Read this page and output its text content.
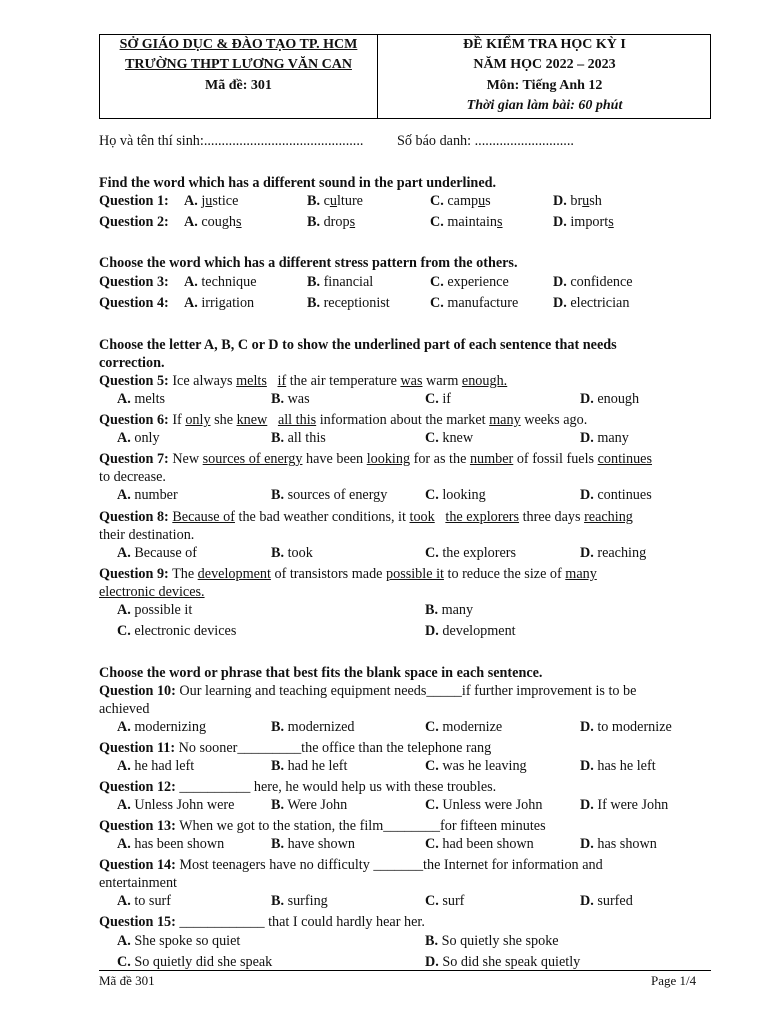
SỞ GIÁO DỤC & ĐÀO TẠO TP. HCM
TRƯỜNG THPT LƯƠNG VĂN CAN
Mã đề: 301
ĐỀ KIỂM TRA HỌC KỲ I
NĂM HỌC 2022 – 2023
Môn: Tiếng Anh 12
Thời gian làm bài: 60 phút
Họ và tên thí sinh:............................................. Số báo danh: ............................
Find the word which has a different sound in the part underlined.
Question 1: A. justice	B. culture	C. campus	D. brush
Question 2: A. coughs	B. drops	C. maintains	D. imports
Choose the word which has a different stress pattern from the others.
Question 3: A. technique	B. financial	C. experience	D. confidence
Question 4: A. irrigation	B. receptionist	C. manufacture D. electrician
Choose the letter A, B, C or D to show the underlined part of each sentence that needs
correction.
Question 5: Ice always melts if the air temperature was warm enough.
A. melts	B. was	C. if	D. enough
Question 6: If only she knew all this information about the market many weeks ago.
A. only	B. all this	C. knew	D. many
Question 7: New sources of energy have been looking for as the number of fossil fuels continues
to decrease.
A. number	B. sources of energy	C. looking	D. continues
Question 8: Because of the bad weather conditions, it took the explorers three days reaching
their destination.
A. Because of	B. took	C. the explorers	D. reaching
Question 9: The development of transistors made possible it to reduce the size of many
electronic devices.
A. possible it	B. many
C. electronic devices	D. development
Choose the word or phrase that best fits the blank space in each sentence.
Question 10: Our learning and teaching equipment needs_____if further improvement is to be
achieved
A. modernizing	B. modernized	C. modernize	D. to modernize
Question 11: No sooner_________the office than the telephone rang
A. he had left	B. had he left	C. was he leaving	D. has he left
Question 12: __________ here, he would help us with these troubles.
A. Unless John were	B. Were John	C. Unless were John	D. If were John
Question 13: When we got to the station, the film________for fifteen minutes
A. has been shown	B. have shown	C. had been shown	D. has shown
Question 14: Most teenagers have no difficulty _______the Internet for information and
entertainment
A. to surf	B. surfing	C. surf	D. surfed
Question 15: ____________ that I could hardly hear her.
A. She spoke so quiet	B. So quietly she spoke
C. So quietly did she speak	D. So did she speak quietly
Mã đề 301	Page 1/4
